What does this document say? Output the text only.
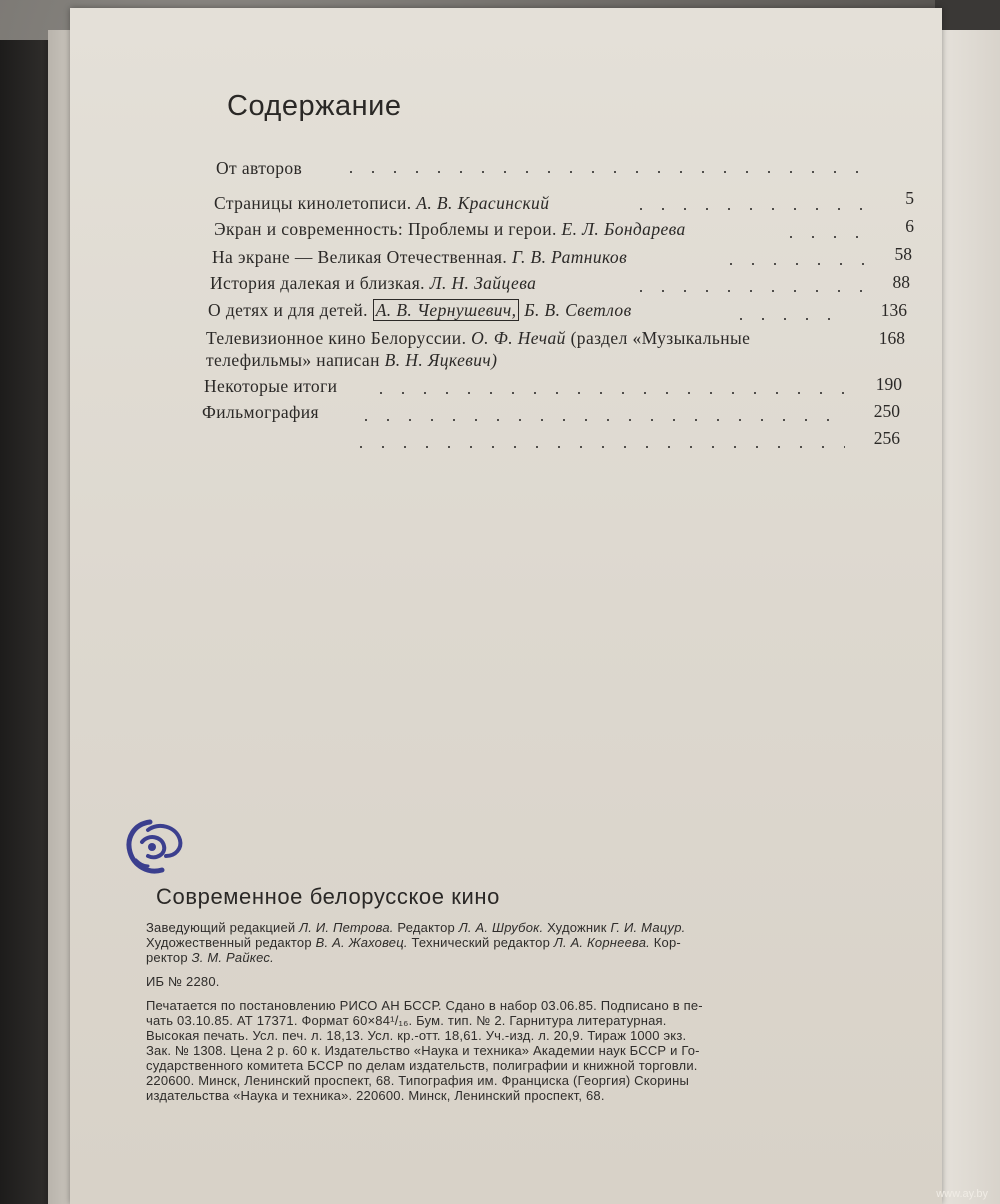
Содержание
От авторов
Страницы кинолетописи. А. В. Красинский	5
Экран и современность: Проблемы и герои. Е. Л. Бондарева	6
На экране — Великая Отечественная. Г. В. Ратников	58
История далекая и близкая. Л. Н. Зайцева	88
О детях и для детей. А. В. Чернушевич, Б. В. Светлов	136
Телевизионное кино Белоруссии. О. Ф. Нечай (раздел «Музыкальные	168
телефильмы» написан В. Н. Яцкевич)
Некоторые итоги	190
Фильмография	250
256
Современное белорусское кино

Заведующий редакцией Л. И. Петрова. Редактор Л. А. Шрубок. Художник Г. И. Мацур.

Художественный редактор В. А. Жаховец. Технический редактор Л. А. Корнеева. Кор-

ректор З. М. Райкес.

ИБ № 2280.

Печатается по постановлению РИСО АН БССР. Сдано в набор 03.06.85. Подписано в пе-

чать 03.10.85. АТ 17371. Формат 60×84¹/₁₆. Бум. тип. № 2. Гарнитура литературная.

Высокая печать. Усл. печ. л. 18,13. Усл. кр.-отт. 18,61. Уч.-изд. л. 20,9. Тираж 1000 экз.

Зак. № 1308. Цена 2 р. 60 к. Издательство «Наука и техника» Академии наук БССР и Го-

сударственного комитета БССР по делам издательств, полиграфии и книжной торговли.

220600. Минск, Ленинский проспект, 68. Типография им. Франциска (Георгия) Скорины

издательства «Наука и техника». 220600. Минск, Ленинский проспект, 68.

www.ay.by
